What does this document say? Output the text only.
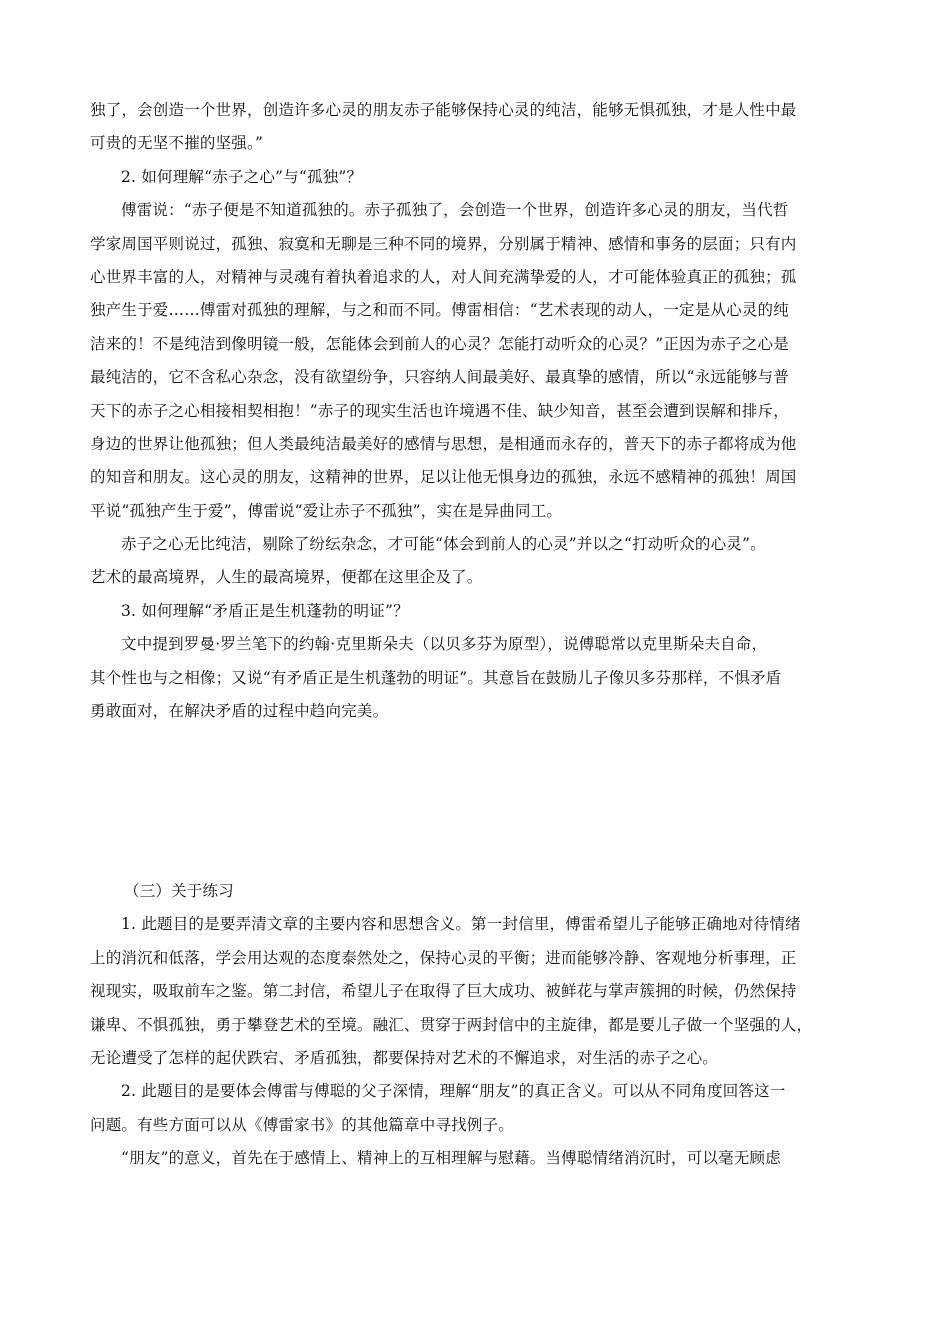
独了，会创造一个世界，创造许多心灵的朋友赤子能够保持心灵的纯洁，能够无惧孤独，才是人性中最
可贵的无坚不摧的坚强。”
2. 如何理解“赤子之心”与“孤独”？
傅雷说：“赤子便是不知道孤独的。赤子孤独了，会创造一个世界，创造许多心灵的朋友，当代哲
学家周国平则说过，孤独、寂寞和无聊是三种不同的境界，分别属于精神、感情和事务的层面；只有内
心世界丰富的人，对精神与灵魂有着执着追求的人，对人间充满挚爱的人，才可能体验真正的孤独；孤
独产生于爱……傅雷对孤独的理解，与之和而不同。傅雷相信：“艺术表现的动人，一定是从心灵的纯
洁来的！不是纯洁到像明镜一般，怎能体会到前人的心灵？怎能打动听众的心灵？”正因为赤子之心是
最纯洁的，它不含私心杂念，没有欲望纷争，只容纳人间最美好、最真挚的感情，所以“永远能够与普
天下的赤子之心相接相契相抱！”赤子的现实生活也许境遇不佳、缺少知音，甚至会遭到误解和排斥，
身边的世界让他孤独；但人类最纯洁最美好的感情与思想，是相通而永存的，普天下的赤子都将成为他
的知音和朋友。这心灵的朋友，这精神的世界，足以让他无惧身边的孤独，永远不感精神的孤独！周国
平说“孤独产生于爱”，傅雷说“爱让赤子不孤独”，实在是异曲同工。
赤子之心无比纯洁，剔除了纷纭杂念，才可能“体会到前人的心灵”并以之“打动听众的心灵”。
艺术的最高境界，人生的最高境界，便都在这里企及了。
3. 如何理解“矛盾正是生机蓬勃的明证”？
文中提到罗曼·罗兰笔下的约翰·克里斯朵夫（以贝多芬为原型），说傅聪常以克里斯朵夫自命，
其个性也与之相像；又说“有矛盾正是生机蓬勃的明证”。其意旨在鼓励儿子像贝多芬那样，不惧矛盾
勇敢面对，在解决矛盾的过程中趋向完美。
（三）关于练习
1. 此题目的是要弄清文章的主要内容和思想含义。第一封信里，傅雷希望儿子能够正确地对待情绪
上的消沉和低落，学会用达观的态度泰然处之，保持心灵的平衡；进而能够冷静、客观地分析事理，正
视现实，吸取前车之鉴。第二封信，希望儿子在取得了巨大成功、被鲜花与掌声簇拥的时候，仍然保持
谦卑、不惧孤独，勇于攀登艺术的至境。融汇、贯穿于两封信中的主旋律，都是要儿子做一个坚强的人，
无论遭受了怎样的起伏跌宕、矛盾孤独，都要保持对艺术的不懈追求，对生活的赤子之心。
2. 此题目的是要体会傅雷与傅聪的父子深情，理解“朋友”的真正含义。可以从不同角度回答这一
问题。有些方面可以从《傅雷家书》的其他篇章中寻找例子。
“朋友”的意义，首先在于感情上、精神上的互相理解与慰藉。当傅聪情绪消沉时，可以毫无顾虑
